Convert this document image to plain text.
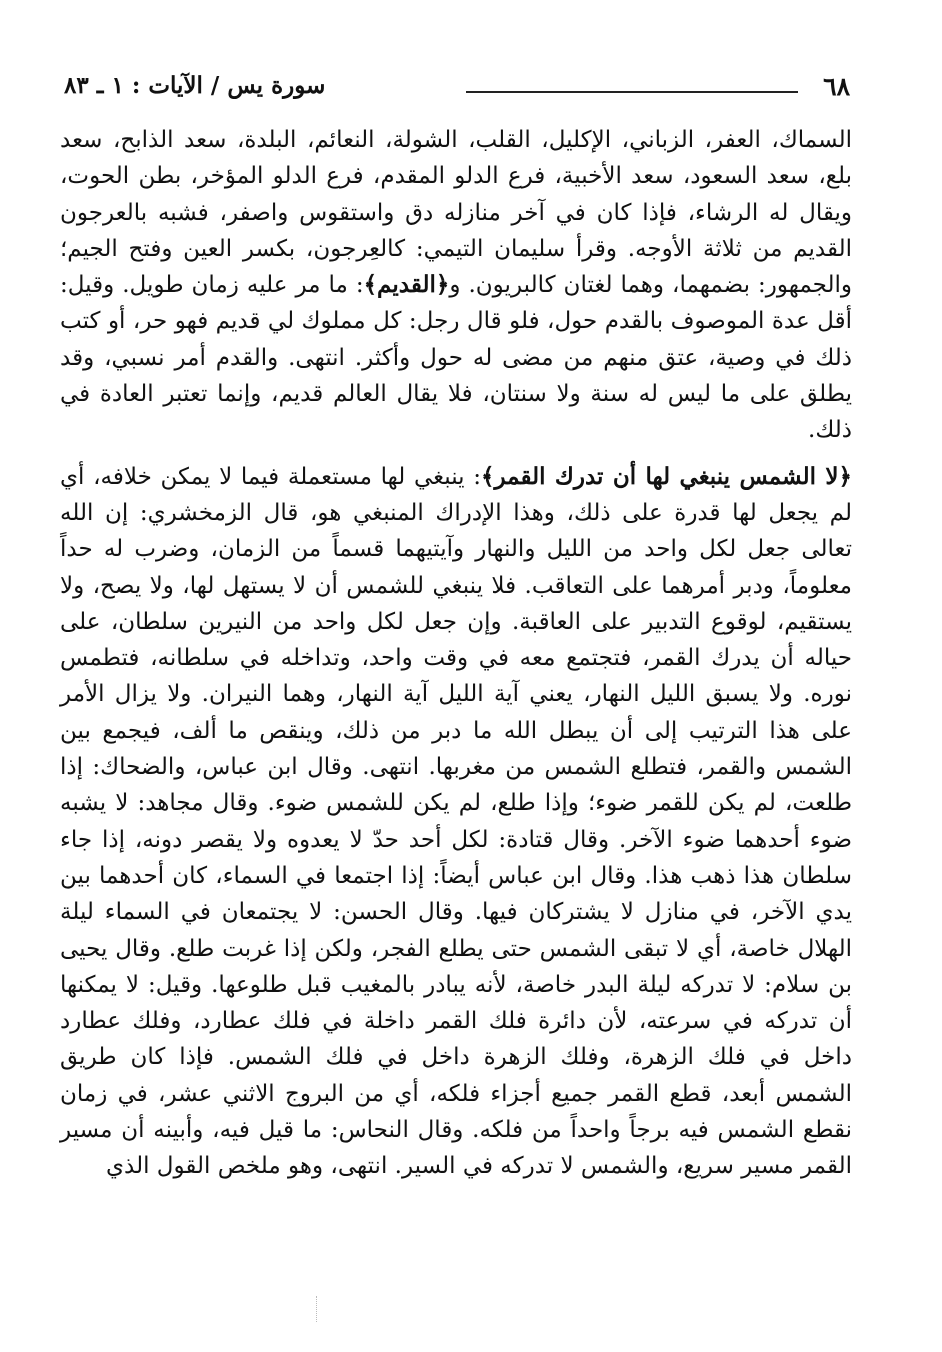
٦٨
سورة يس / الآيات : ١ ـ ٨٣

السماك، العفر، الزباني، الإكليل، القلب، الشولة، النعائم، البلدة، سعد الذابح، سعد بلع، سعد السعود، سعد الأخبية، فرع الدلو المقدم، فرع الدلو المؤخر، بطن الحوت، ويقال له الرشاء، فإذا كان في آخر منازله دق واستقوس واصفر، فشبه بالعرجون القديم من ثلاثة الأوجه. وقرأ سليمان التيمي: كالعِرجون، بكسر العين وفتح الجيم؛ والجمهور: بضمهما، وهما لغتان كالبريون. و﴿القديم﴾: ما مر عليه زمان طويل. وقيل: أقل عدة الموصوف بالقدم حول، فلو قال رجل: كل مملوك لي قديم فهو حر، أو كتب ذلك في وصية، عتق منهم من مضى له حول وأكثر. انتهى. والقدم أمر نسبي، وقد يطلق على ما ليس له سنة ولا سنتان، فلا يقال العالم قديم، وإنما تعتبر العادة في ذلك.

﴿لا الشمس ينبغي لها أن تدرك القمر﴾: ينبغي لها مستعملة فيما لا يمكن خلافه، أي لم يجعل لها قدرة على ذلك، وهذا الإدراك المنبغي هو، قال الزمخشري: إن الله تعالى جعل لكل واحد من الليل والنهار وآيتيهما قسماً من الزمان، وضرب له حداً معلوماً، ودبر أمرهما على التعاقب. فلا ينبغي للشمس أن لا يستهل لها، ولا يصح، ولا يستقيم، لوقوع التدبير على العاقبة. وإن جعل لكل واحد من النيرين سلطان، على حياله أن يدرك القمر، فتجتمع معه في وقت واحد، وتداخله في سلطانه، فتطمس نوره. ولا يسبق الليل النهار، يعني آية الليل آية النهار، وهما النيران. ولا يزال الأمر على هذا الترتيب إلى أن يبطل الله ما دبر من ذلك، وينقص ما ألف، فيجمع بين الشمس والقمر، فتطلع الشمس من مغربها. انتهى. وقال ابن عباس، والضحاك: إذا طلعت، لم يكن للقمر ضوء؛ وإذا طلع، لم يكن للشمس ضوء. وقال مجاهد: لا يشبه ضوء أحدهما ضوء الآخر. وقال قتادة: لكل أحد حدّ لا يعدوه ولا يقصر دونه، إذا جاء سلطان هذا ذهب هذا. وقال ابن عباس أيضاً: إذا اجتمعا في السماء، كان أحدهما بين يدي الآخر، في منازل لا يشتركان فيها. وقال الحسن: لا يجتمعان في السماء ليلة الهلال خاصة، أي لا تبقى الشمس حتى يطلع الفجر، ولكن إذا غربت طلع. وقال يحيى بن سلام: لا تدركه ليلة البدر خاصة، لأنه يبادر بالمغيب قبل طلوعها. وقيل: لا يمكنها أن تدركه في سرعته، لأن دائرة فلك القمر داخلة في فلك عطارد، وفلك عطارد داخل في فلك الزهرة، وفلك الزهرة داخل في فلك الشمس. فإذا كان طريق الشمس أبعد، قطع القمر جميع أجزاء فلكه، أي من البروج الاثني عشر، في زمان نقطع الشمس فيه برجاً واحداً من فلكه. وقال النحاس: ما قيل فيه، وأبينه أن مسير القمر مسير سريع، والشمس لا تدركه في السير. انتهى، وهو ملخص القول الذي
